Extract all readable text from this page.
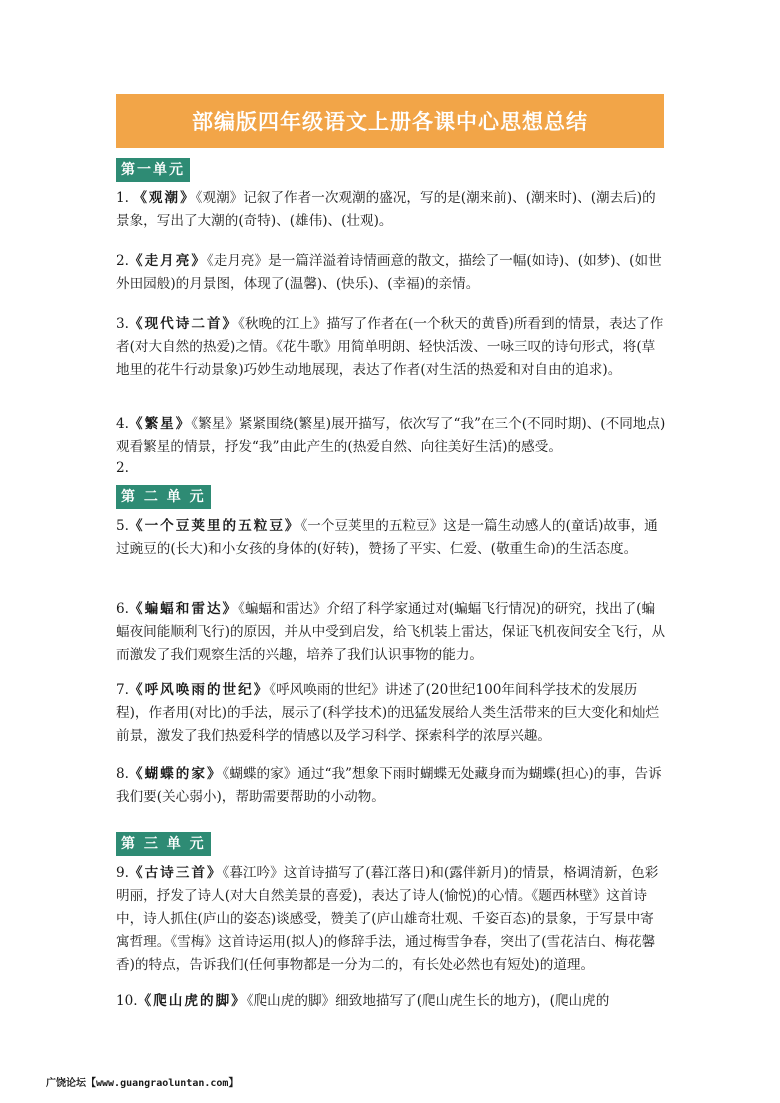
部编版四年级语文上册各课中心思想总结
第一单元

1. 《观潮》《观潮》记叙了作者一次观潮的盛况，写的是(潮来前)、(潮来时)、(潮去后)的景象，写出了大潮的(奇特)、(雄伟)、(壮观)。

2.《走月亮》《走月亮》是一篇洋溢着诗情画意的散文，描绘了一幅(如诗)、(如梦)、(如世外田园般)的月景图，体现了(温馨)、(快乐)、(幸福)的亲情。

3.《现代诗二首》《秋晚的江上》描写了作者在(一个秋天的黄昏)所看到的情景，表达了作者(对大自然的热爱)之情。《花牛歌》用简单明朗、轻快活泼、一咏三叹的诗句形式，将(草地里的花牛行动景象)巧妙生动地展现，表达了作者(对生活的热爱和对自由的追求)。

4.《繁星》《繁星》紧紧围绕(繁星)展开描写，依次写了“我”在三个(不同时期)、(不同地点)观看繁星的情景，抒发“我”由此产生的(热爱自然、向往美好生活)的感受。

2.
第 二 单 元

5.《一个豆荚里的五粒豆》《一个豆荚里的五粒豆》这是一篇生动感人的(童话)故事，通过豌豆的(长大)和小女孩的身体的(好转)，赞扬了平实、仁爱、(敬重生命)的生活态度。

6.《蝙蝠和雷达》《蝙蝠和雷达》介绍了科学家通过对(蝙蝠飞行情况)的研究，找出了(蝙蝠夜间能顺利飞行)的原因，并从中受到启发，给飞机装上雷达，保证飞机夜间安全飞行，从而激发了我们观察生活的兴趣，培养了我们认识事物的能力。

7.《呼风唤雨的世纪》《呼风唤雨的世纪》讲述了(20世纪100年间科学技术的发展历程)，作者用(对比)的手法，展示了(科学技术)的迅猛发展给人类生活带来的巨大变化和灿烂前景，激发了我们热爱科学的情感以及学习科学、探索科学的浓厚兴趣。

8.《蝴蝶的家》《蝴蝶的家》通过“我”想象下雨时蝴蝶无处藏身而为蝴蝶(担心)的事，告诉我们要(关心弱小)，帮助需要帮助的小动物。

第 三 单 元

9.《古诗三首》《暮江吟》这首诗描写了(暮江落日)和(露伴新月)的情景，格调清新，色彩明丽，抒发了诗人(对大自然美景的喜爱)，表达了诗人(愉悦)的心情。《题西林壁》这首诗中，诗人抓住(庐山的姿态)谈感受，赞美了(庐山雄奇壮观、千姿百态)的景象，于写景中寄寓哲理。《雪梅》这首诗运用(拟人)的修辞手法，通过梅雪争春，突出了(雪花洁白、梅花馨香)的特点，告诉我们(任何事物都是一分为二的，有长处必然也有短处)的道理。

10.《爬山虎的脚》《爬山虎的脚》细致地描写了(爬山虎生长的地方)，(爬山虎的

广饶论坛【www.guangraoluntan.com】
